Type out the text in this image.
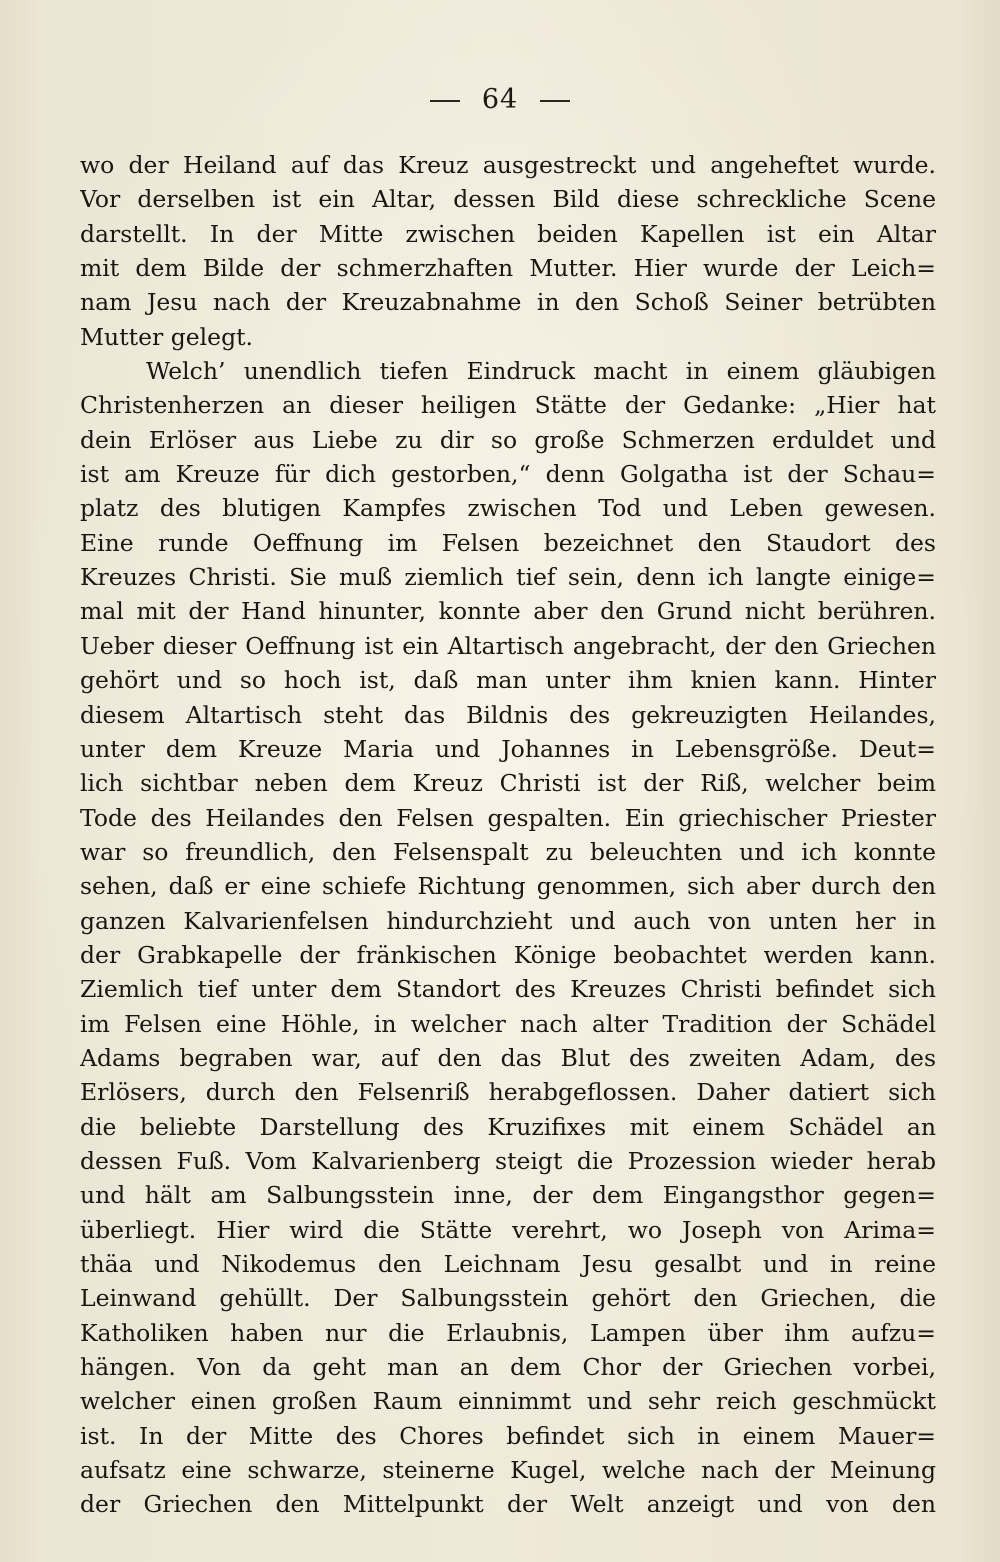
64
wo der Heiland auf das Kreuz ausgestreckt und angeheftet wurde.
Vor derselben ist ein Altar, dessen Bild diese schreckliche Scene
darstellt. In der Mitte zwischen beiden Kapellen ist ein Altar
mit dem Bilde der schmerzhaften Mutter. Hier wurde der Leich=
nam Jesu nach der Kreuzabnahme in den Schoß Seiner betrübten
Mutter gelegt.
Welch’ unendlich tiefen Eindruck macht in einem gläubigen
Christenherzen an dieser heiligen Stätte der Gedanke: „Hier hat
dein Erlöser aus Liebe zu dir so große Schmerzen erduldet und
ist am Kreuze für dich gestorben,“ denn Golgatha ist der Schau=
platz des blutigen Kampfes zwischen Tod und Leben gewesen.
Eine runde Oeffnung im Felsen bezeichnet den Staudort des
Kreuzes Christi. Sie muß ziemlich tief sein, denn ich langte einige=
mal mit der Hand hinunter, konnte aber den Grund nicht berühren.
Ueber dieser Oeffnung ist ein Altartisch angebracht, der den Griechen
gehört und so hoch ist, daß man unter ihm knien kann. Hinter
diesem Altartisch steht das Bildnis des gekreuzigten Heilandes,
unter dem Kreuze Maria und Johannes in Lebensgröße. Deut=
lich sichtbar neben dem Kreuz Christi ist der Riß, welcher beim
Tode des Heilandes den Felsen gespalten. Ein griechischer Priester
war so freundlich, den Felsenspalt zu beleuchten und ich konnte
sehen, daß er eine schiefe Richtung genommen, sich aber durch den
ganzen Kalvarienfelsen hindurchzieht und auch von unten her in
der Grabkapelle der fränkischen Könige beobachtet werden kann.
Ziemlich tief unter dem Standort des Kreuzes Christi befindet sich
im Felsen eine Höhle, in welcher nach alter Tradition der Schädel
Adams begraben war, auf den das Blut des zweiten Adam, des
Erlösers, durch den Felsenriß herabgeflossen. Daher datiert sich
die beliebte Darstellung des Kruzifixes mit einem Schädel an
dessen Fuß. Vom Kalvarienberg steigt die Prozession wieder herab
und hält am Salbungsstein inne, der dem Eingangsthor gegen=
überliegt. Hier wird die Stätte verehrt, wo Joseph von Arima=
thäa und Nikodemus den Leichnam Jesu gesalbt und in reine
Leinwand gehüllt. Der Salbungsstein gehört den Griechen, die
Katholiken haben nur die Erlaubnis, Lampen über ihm aufzu=
hängen. Von da geht man an dem Chor der Griechen vorbei,
welcher einen großen Raum einnimmt und sehr reich geschmückt
ist. In der Mitte des Chores befindet sich in einem Mauer=
aufsatz eine schwarze, steinerne Kugel, welche nach der Meinung
der Griechen den Mittelpunkt der Welt anzeigt und von den
